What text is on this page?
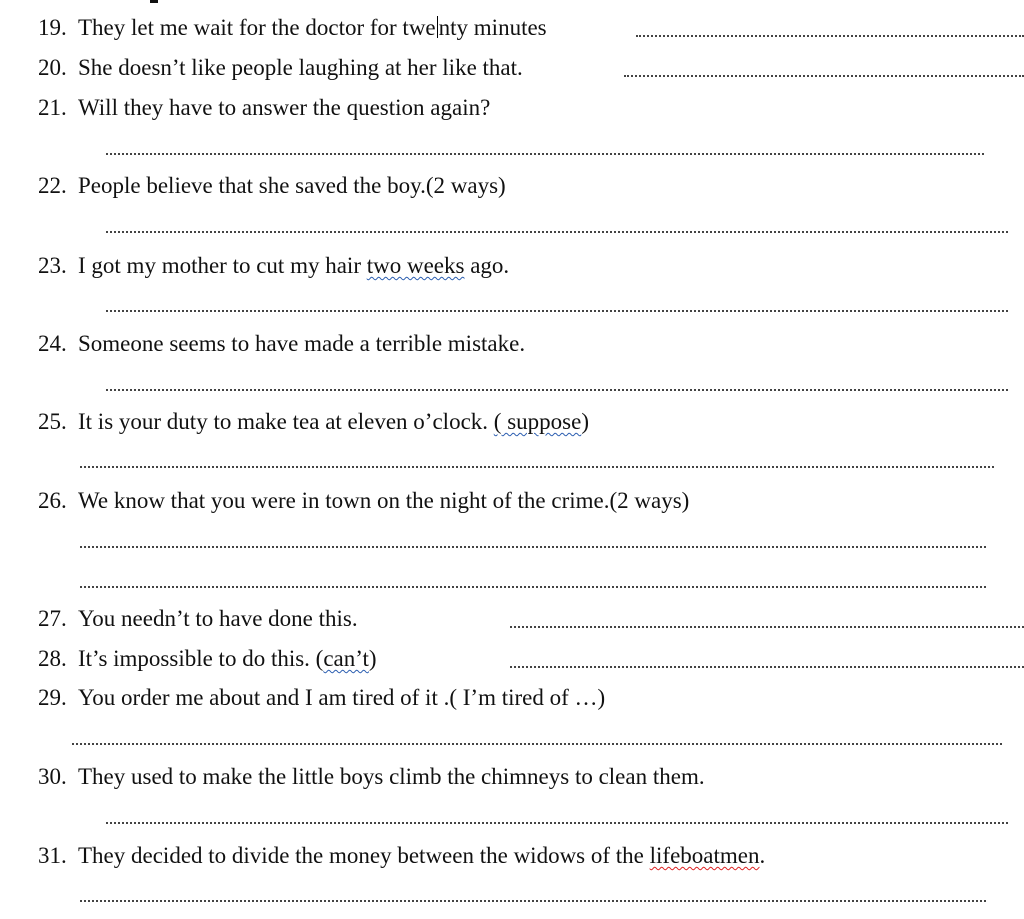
19. They let me wait for the doctor for twe nty minutes
20. She doesn’t like people laughing at her like that.
21. Will they have to answer the question again?
22. People believe that she saved the boy.(2 ways)
23. I got my mother to cut my hair two weeks ago.
24. Someone seems to have made a terrible mistake.
25. It is your duty to make tea at eleven o’clock. ( suppose)
26. We know that you were in town on the night of the crime.(2 ways)
27. You needn’t to have done this.
28. It’s impossible to do this. (can’t)
29. You order me about and I am tired of it .( I’m tired of …)
30. They used to make the little boys climb the chimneys to clean them.
31. They decided to divide the money between the widows of the lifeboatmen.
